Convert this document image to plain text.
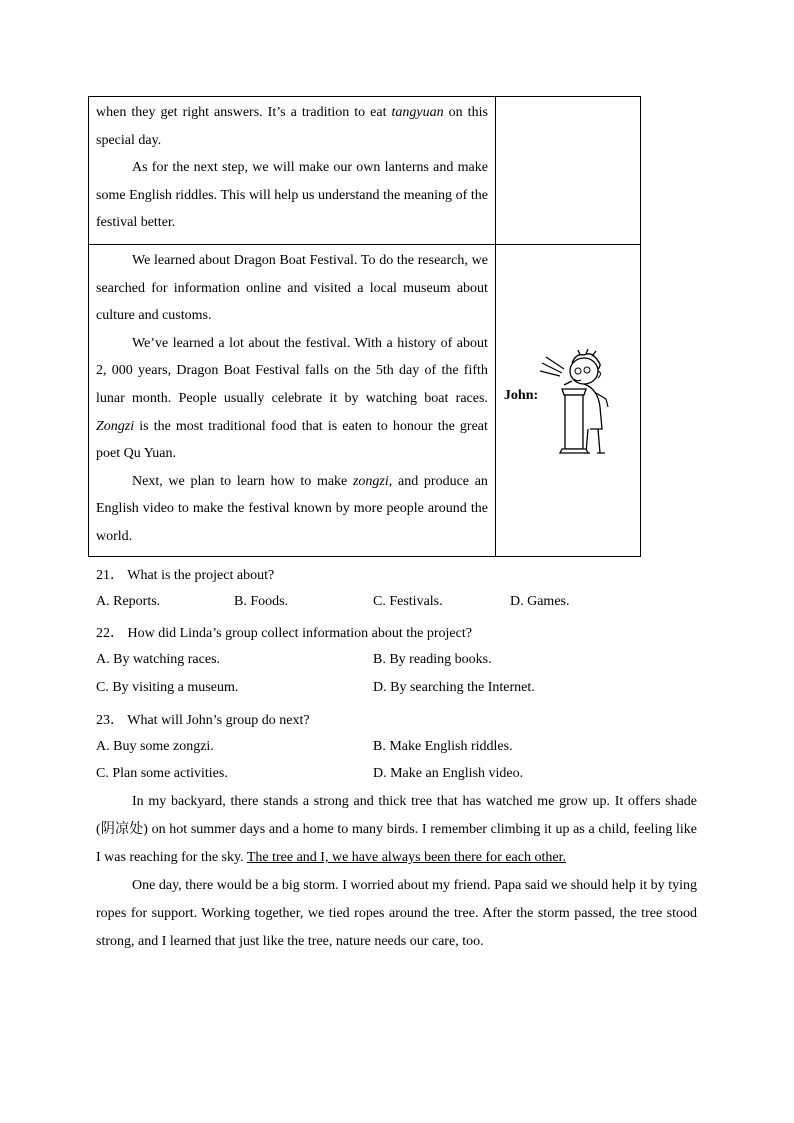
when they get right answers. It’s a tradition to eat tangyuan on this special day.

As for the next step, we will make our own lanterns and make some English riddles. This will help us understand the meaning of the festival better.	

We learned about Dragon Boat Festival. To do the research, we searched for information online and visited a local museum about culture and customs.

We’ve learned a lot about the festival. With a history of about 2, 000 years, Dragon Boat Festival falls on the 5th day of the fifth lunar month. People usually celebrate it by watching boat races. Zongzi is the most traditional food that is eaten to honour the great poet Qu Yuan.

Next, we plan to learn how to make zongzi, and produce an English video to make the festival known by more people around the world.	John:
21． What is the project about?
A. Reports.	B. Foods.	C. Festivals.	D. Games.
22． How did Linda’s group collect information about the project?
A. By watching races.	B. By reading books.
C. By visiting a museum.	D. By searching the Internet.
23． What will John’s group do next?
A. Buy some zongzi.	B. Make English riddles.
C. Plan some activities.	D. Make an English video.

In my backyard, there stands a strong and thick tree that has watched me grow up. It offers shade (阴凉处) on hot summer days and a home to many birds. I remember climbing it up as a child, feeling like I was reaching for the sky. The tree and I, we have always been there for each other.

One day, there would be a big storm. I worried about my friend. Papa said we should help it by tying ropes for support. Working together, we tied ropes around the tree. After the storm passed, the tree stood strong, and I learned that just like the tree, nature needs our care, too.
